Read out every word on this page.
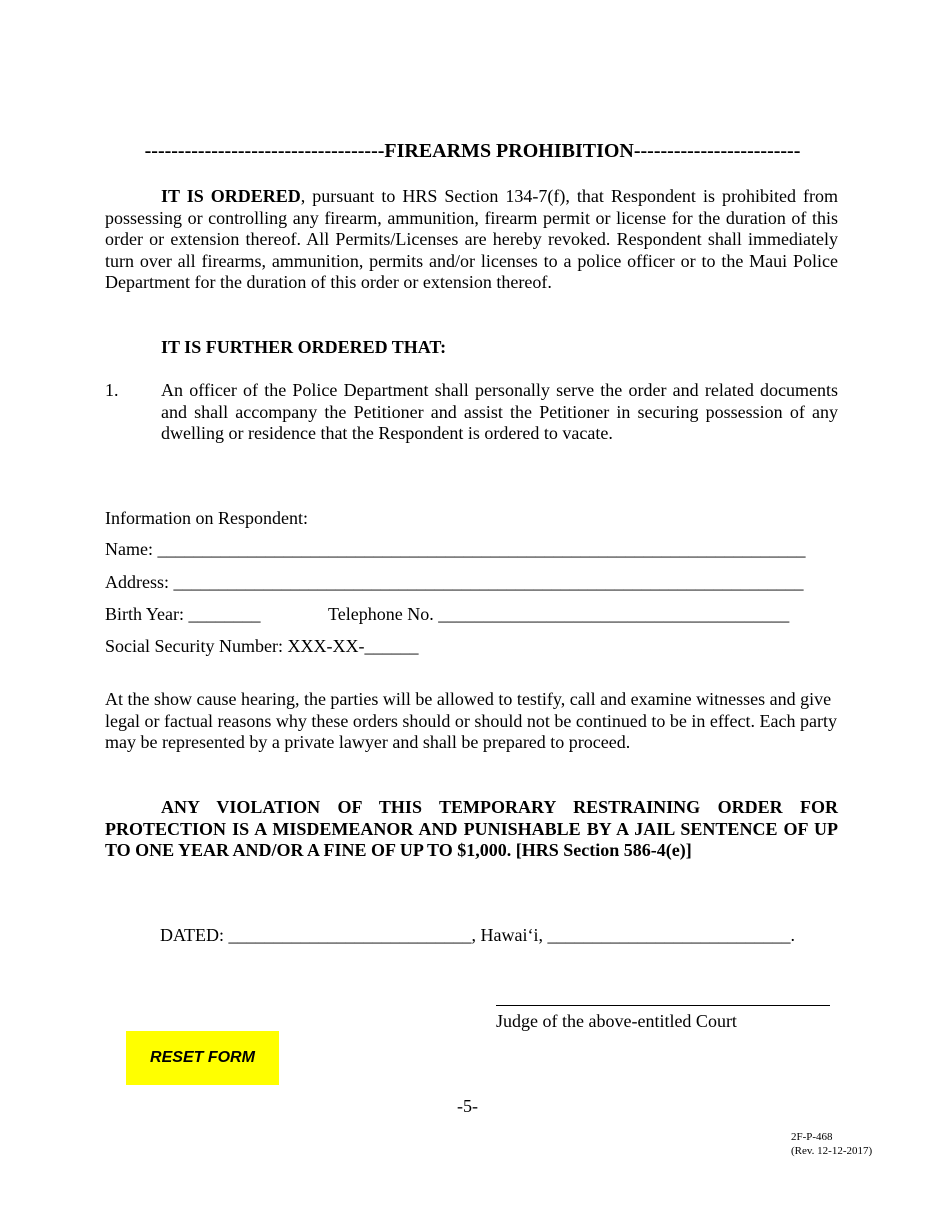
------------------------------------FIREARMS PROHIBITION-------------------------
IT IS ORDERED, pursuant to HRS Section 134-7(f), that Respondent is prohibited from possessing or controlling any firearm, ammunition, firearm permit or license for the duration of this order or extension thereof. All Permits/Licenses are hereby revoked. Respondent shall immediately turn over all firearms, ammunition, permits and/or licenses to a police officer or to the Maui Police Department for the duration of this order or extension thereof.
IT IS FURTHER ORDERED THAT:
1. An officer of the Police Department shall personally serve the order and related documents and shall accompany the Petitioner and assist the Petitioner in securing possession of any dwelling or residence that the Respondent is ordered to vacate.
Information on Respondent:
Name: ________________________________________________________________________
Address: ______________________________________________________________________
Birth Year: ________	Telephone No. _______________________________________
Social Security Number: XXX-XX-______
At the show cause hearing, the parties will be allowed to testify, call and examine witnesses and give legal or factual reasons why these orders should or should not be continued to be in effect. Each party may be represented by a private lawyer and shall be prepared to proceed.
ANY VIOLATION OF THIS TEMPORARY RESTRAINING ORDER FOR PROTECTION IS A MISDEMEANOR AND PUNISHABLE BY A JAIL SENTENCE OF UP TO ONE YEAR AND/OR A FINE OF UP TO $1,000. [HRS Section 586-4(e)]
DATED: ___________________________, Hawaiʻi, ___________________________.
Judge of the above-entitled Court
RESET FORM
-5-
2F-P-468
(Rev. 12-12-2017)
